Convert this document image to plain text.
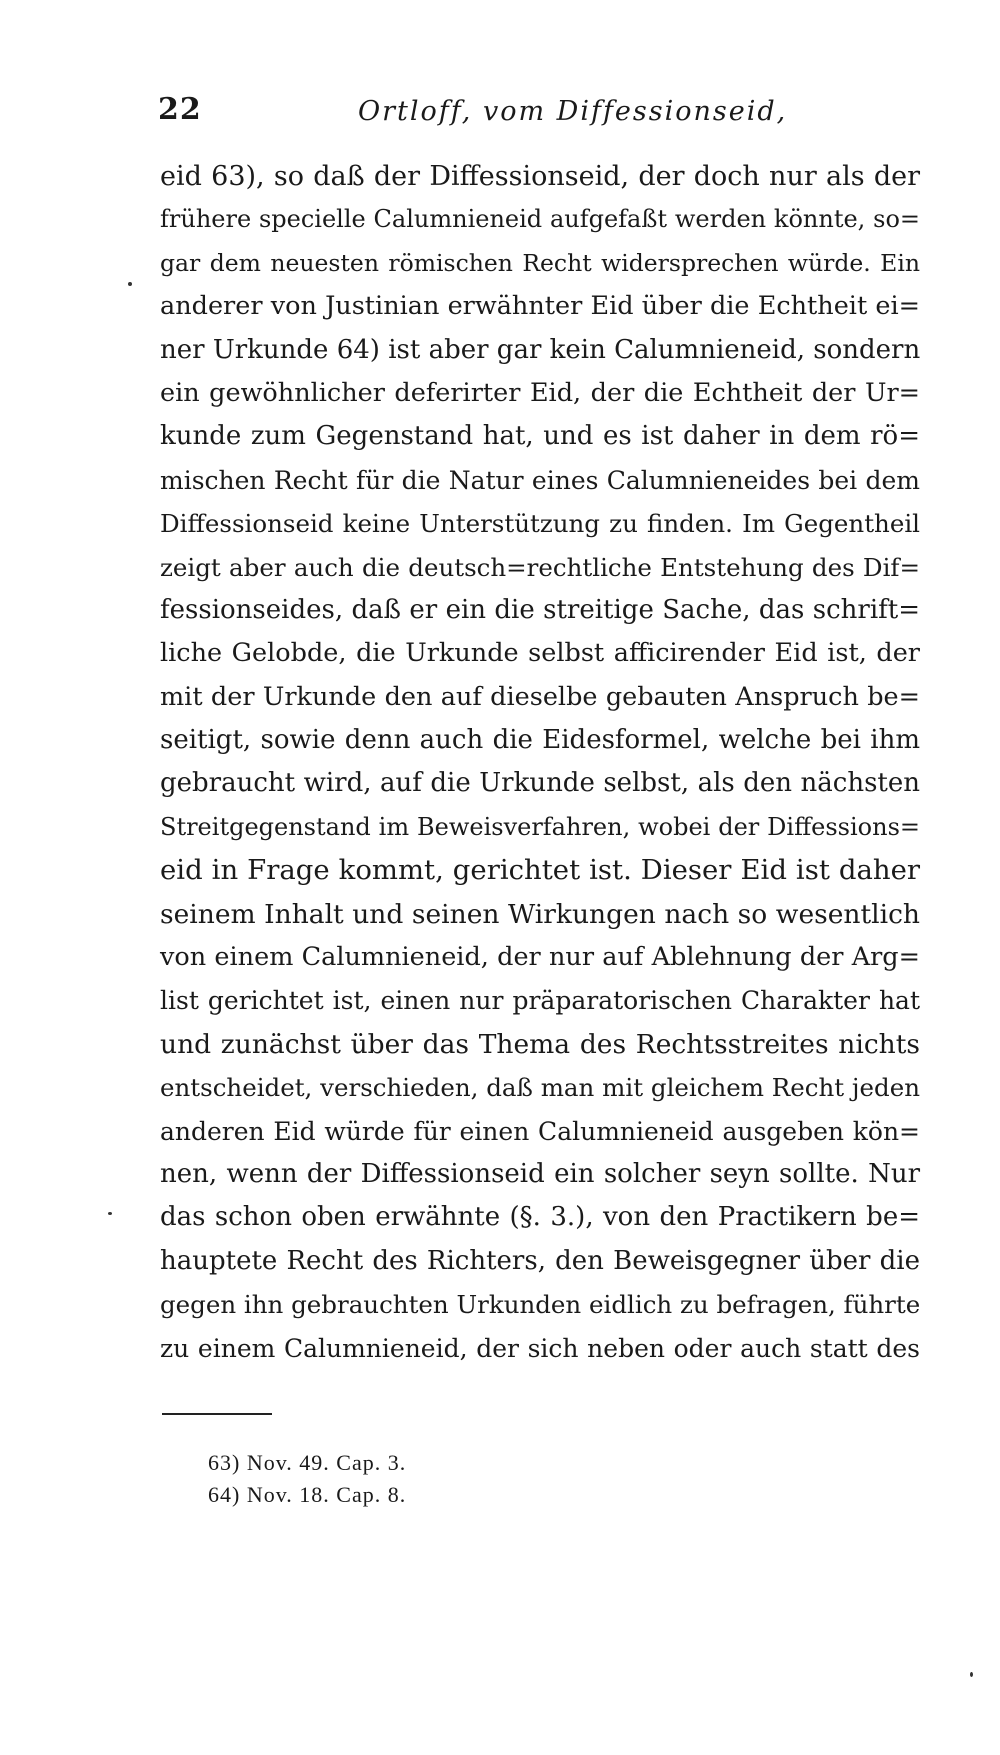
22	Ortloff, vom Diffessionseid,
eid 63), so daß der Diffessionseid, der doch nur als der
frühere specielle Calumnieneid aufgefaßt werden könnte, so=
gar dem neuesten römischen Recht widersprechen würde. Ein
anderer von Justinian erwähnter Eid über die Echtheit ei=
ner Urkunde 64) ist aber gar kein Calumnieneid, sondern
ein gewöhnlicher deferirter Eid, der die Echtheit der Ur=
kunde zum Gegenstand hat, und es ist daher in dem rö=
mischen Recht für die Natur eines Calumnieneides bei dem
Diffessionseid keine Unterstützung zu finden. Im Gegentheil
zeigt aber auch die deutsch=rechtliche Entstehung des Dif=
fessionseides, daß er ein die streitige Sache, das schrift=
liche Gelobde, die Urkunde selbst afficirender Eid ist, der
mit der Urkunde den auf dieselbe gebauten Anspruch be=
seitigt, sowie denn auch die Eidesformel, welche bei ihm
gebraucht wird, auf die Urkunde selbst, als den nächsten
Streitgegenstand im Beweisverfahren, wobei der Diffessions=
eid in Frage kommt, gerichtet ist. Dieser Eid ist daher
seinem Inhalt und seinen Wirkungen nach so wesentlich
von einem Calumnieneid, der nur auf Ablehnung der Arg=
list gerichtet ist, einen nur präparatorischen Charakter hat
und zunächst über das Thema des Rechtsstreites nichts
entscheidet, verschieden, daß man mit gleichem Recht jeden
anderen Eid würde für einen Calumnieneid ausgeben kön=
nen, wenn der Diffessionseid ein solcher seyn sollte. Nur
das schon oben erwähnte (§. 3.), von den Practikern be=
hauptete Recht des Richters, den Beweisgegner über die
gegen ihn gebrauchten Urkunden eidlich zu befragen, führte
zu einem Calumnieneid, der sich neben oder auch statt des
63) Nov. 49. Cap. 3.
64) Nov. 18. Cap. 8.
